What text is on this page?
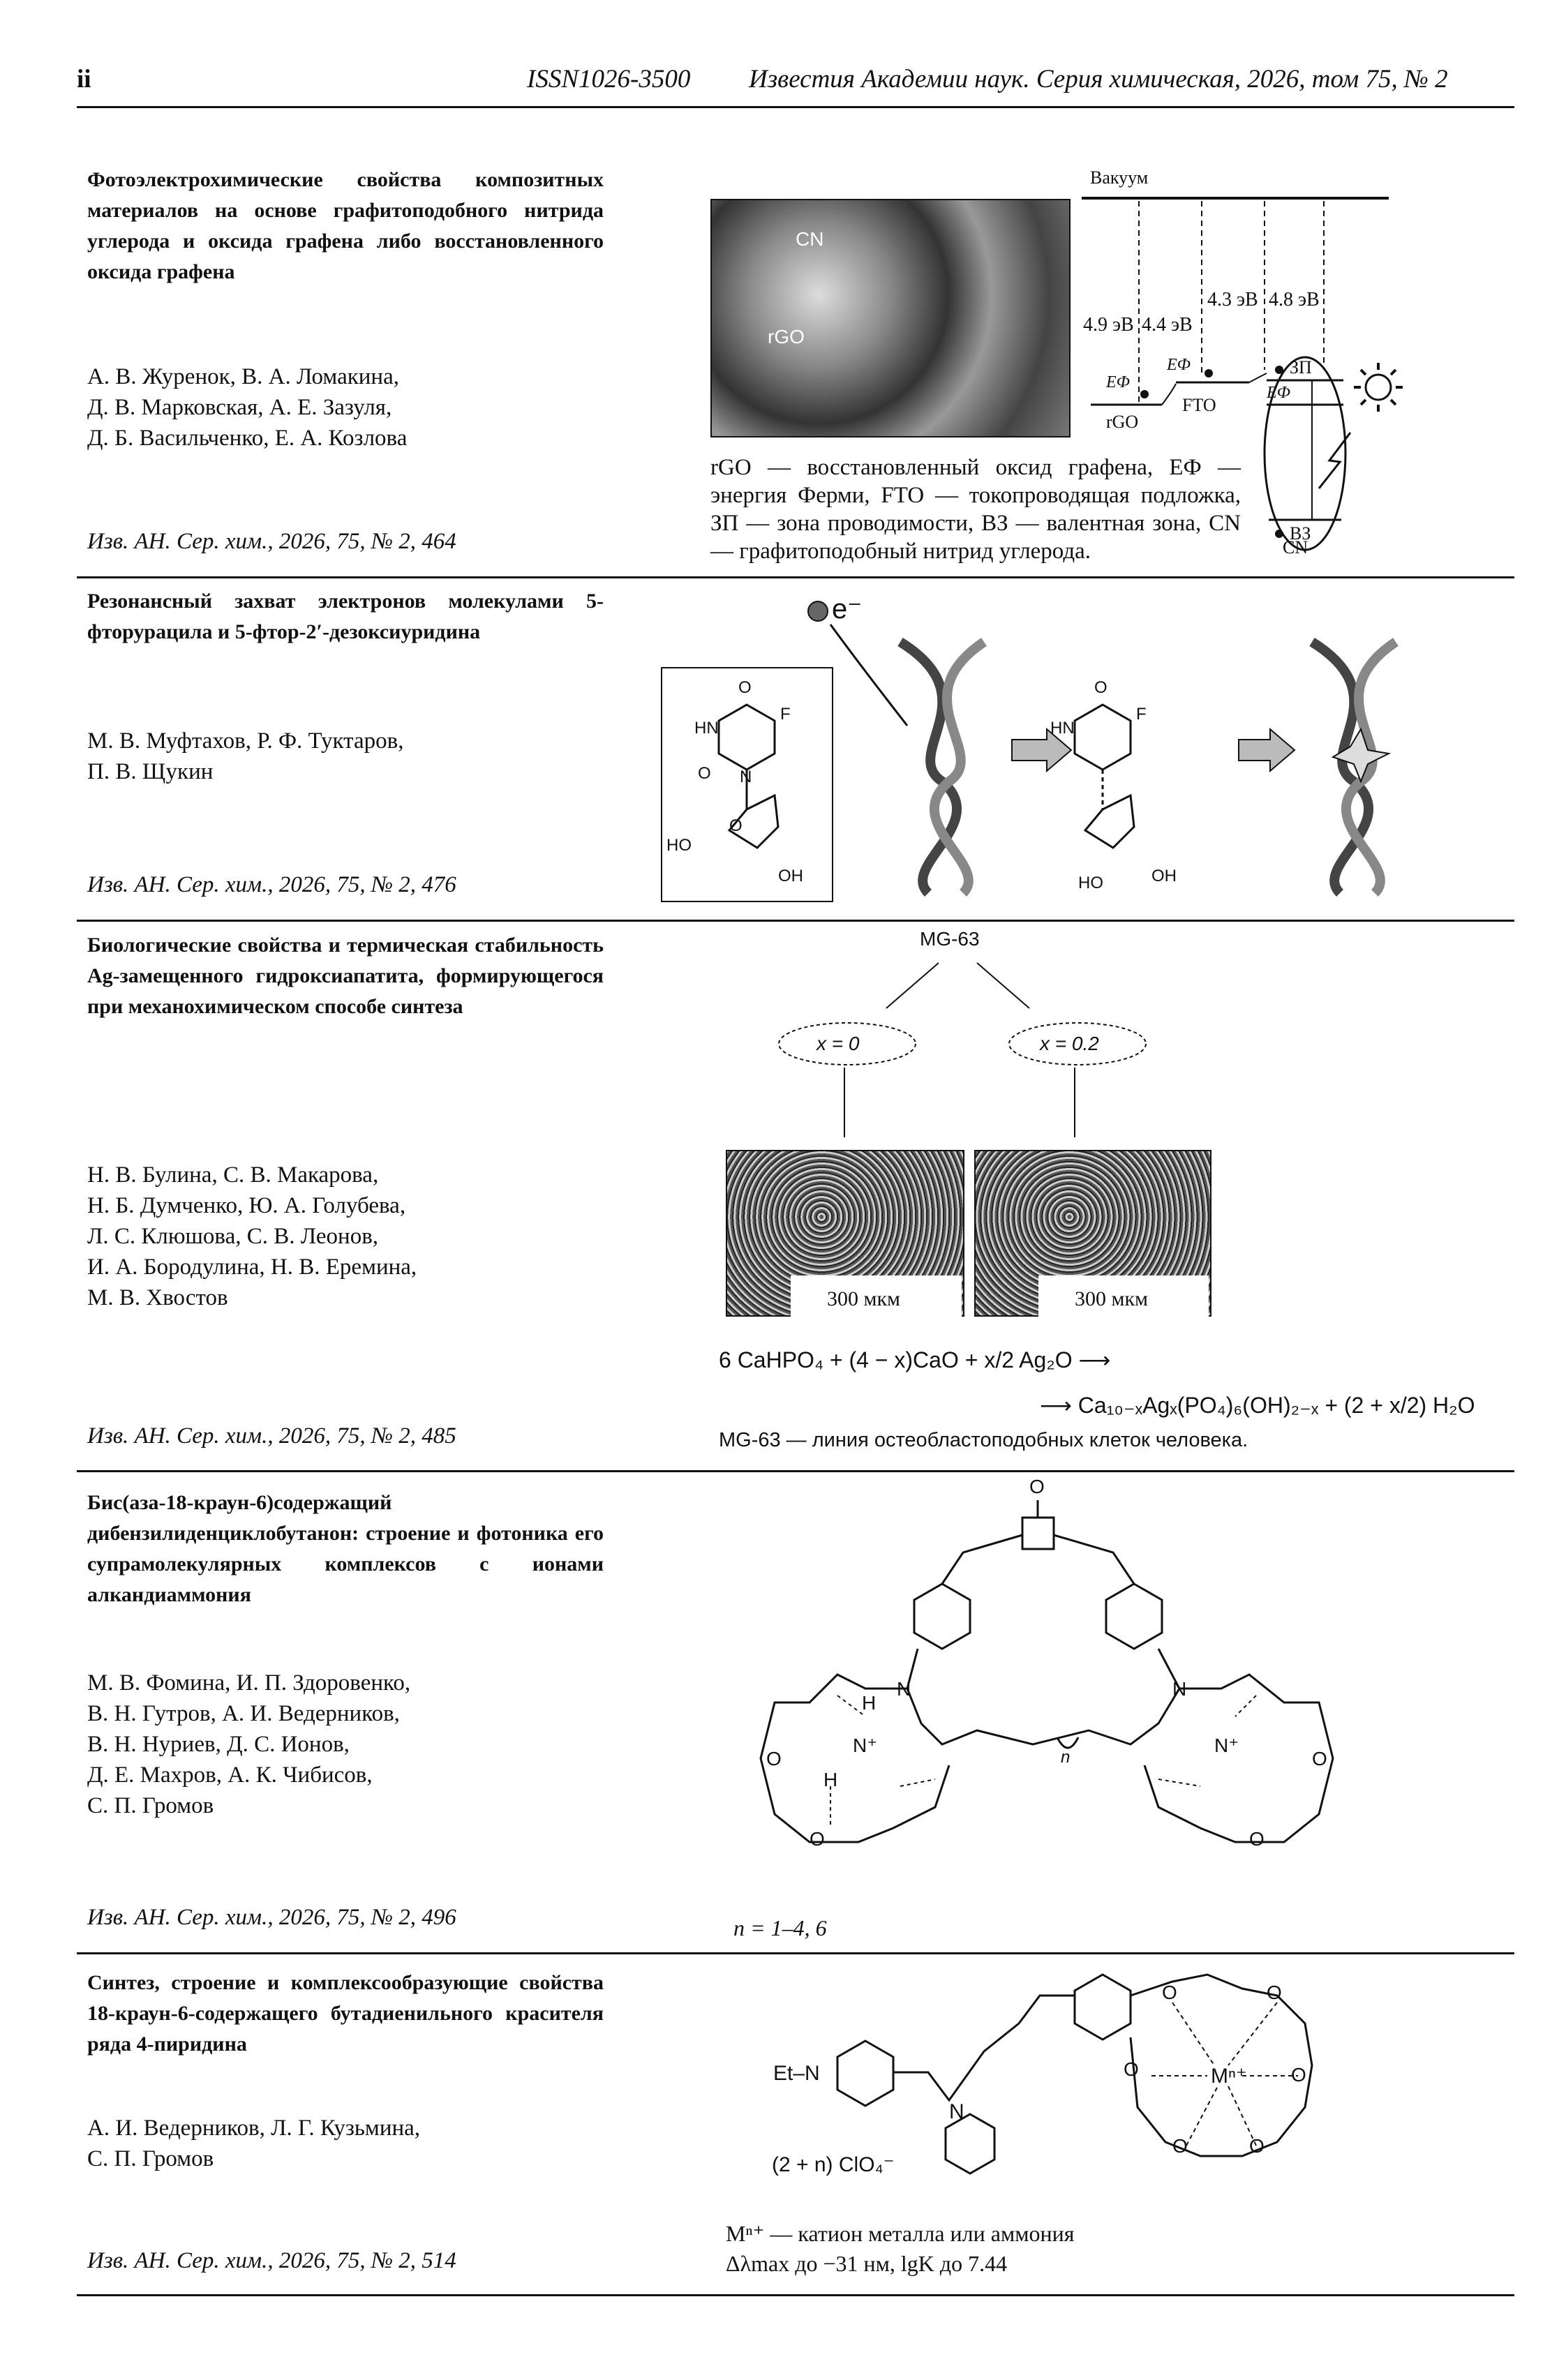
ii	ISSN1026-3500 Известия Академии наук. Серия химическая, 2026, том 75, № 2
Фотоэлектрохимические свойства композитных материалов на основе графитоподобного нитрида углерода и оксида графена либо восстановленного оксида графена
А. В. Журенок, В. А. Ломакина,
Д. В. Марковская, А. Е. Зазуля,
Д. Б. Васильченко, Е. А. Козлова
Изв. АН. Сер. хим., 2026, 75, № 2, 464
CN
rGO
Вакуум
4.9 эВ 4.4 эВ
4.3 эВ 4.8 эВ
EФ
EФ
EФ
rGO
FTO
CN
ЗП
ВЗ
rGO — восстановленный оксид графена, EФ — энергия Ферми, FTO — токопроводящая подложка, ЗП — зона проводимости, ВЗ — валентная зона, CN — графитоподобный нитрид углерода.
Резонансный захват электронов молекулами 5-фторурацила и 5-фтор-2′-дезоксиуридина
М. В. Муфтахов, Р. Ф. Туктаров,
П. В. Щукин
Изв. АН. Сер. хим., 2026, 75, № 2, 476
e⁻
O
HN
F
O N
O
HO
OH
O
HN
F
HO	OH
Биологические свойства и термическая стабильность Ag-замещенного гидроксиапатита, формирующегося при механохимическом способе синтеза
Н. В. Булина, С. В. Макарова,
Н. Б. Думченко, Ю. А. Голубева,
Л. С. Клюшова, С. В. Леонов,
И. А. Бородулина, Н. В. Еремина,
М. В. Хвостов
Изв. АН. Сер. хим., 2026, 75, № 2, 485
MG-63
x = 0	x = 0.2
300 мкм	300 мкм
6 CaHPO₄ + (4 − x)CaO + x/2 Ag₂O ⟶
⟶ Ca₁₀₋ₓAgₓ(PO₄)₆(OH)₂₋ₓ + (2 + x/2) H₂O
MG-63 — линия остеобластоподобных клеток человека.
Бис(аза-18-краун-6)содержащий дибензилиденциклобутанон: строение и фотоника его супрамолекулярных комплексов с ионами алкандиаммония
М. В. Фомина, И. П. Здоровенко,
В. Н. Гутров, А. И. Ведерников,
В. Н. Нуриев, Д. С. Ионов,
Д. Е. Махров, А. К. Чибисов,
С. П. Громов
Изв. АН. Сер. хим., 2026, 75, № 2, 496
O
N	N
H
N⁺	N⁺
H
n
O	O
O	O
n = 1–4, 6
Синтез, строение и комплексообразующие свойства 18-краун-6-содержащего бутадиенильного красителя ряда 4-пиридина
А. И. Ведерников, Л. Г. Кузьмина,
С. П. Громов
Изв. АН. Сер. хим., 2026, 75, № 2, 514
Et–N
N
(2 + n) ClO₄⁻
Mⁿ⁺
O	O
O	O
O	O
Mⁿ⁺ — катион металла или аммония
Δλmax до −31 нм, lgK до 7.44
